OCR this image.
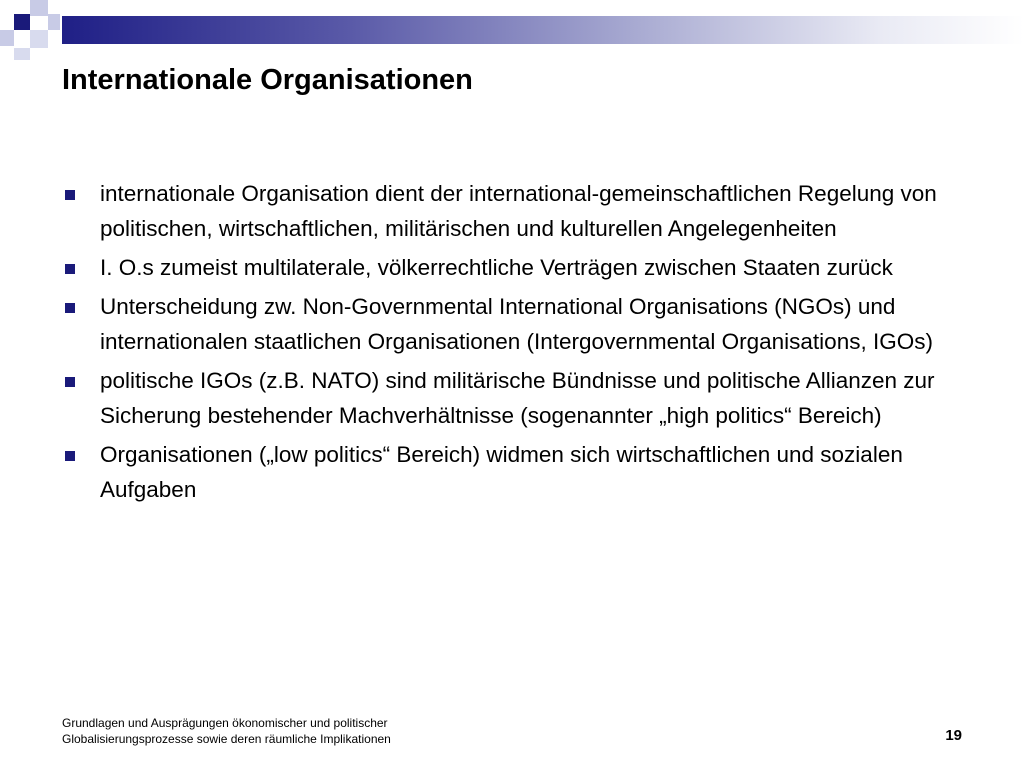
Internationale Organisationen
internationale Organisation dient der international-gemeinschaftlichen Regelung von politischen, wirtschaftlichen, militärischen und kulturellen Angelegenheiten
I. O.s zumeist multilaterale, völkerrechtliche Verträgen zwischen Staaten zurück
Unterscheidung zw. Non-Governmental International Organisations (NGOs) und internationalen staatlichen Organisationen (Intergovernmental Organisations, IGOs)
politische IGOs (z.B. NATO) sind militärische Bündnisse und politische Allianzen zur Sicherung bestehender Machverhältnisse (sogenannter „high politics“ Bereich)
Organisationen („low politics“ Bereich) widmen sich wirtschaftlichen und sozialen Aufgaben
Grundlagen und Ausprägungen ökonomischer und politischer
Globalisierungsprozesse sowie deren räumliche Implikationen	19
